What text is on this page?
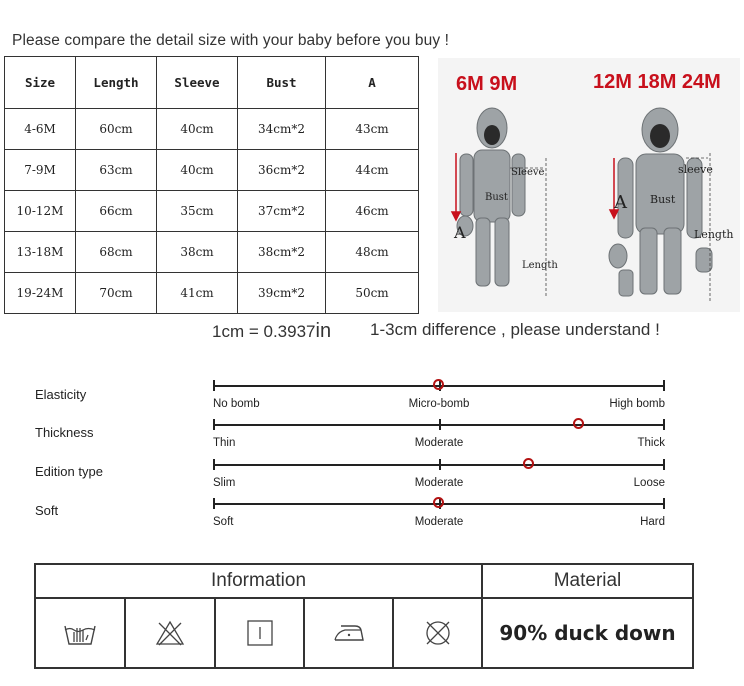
Please compare the detail size with your baby before you buy !
Size	Length	Sleeve	Bust	A
4-6M	60cm	40cm	34cm*2	43cm
7-9M	63cm	40cm	36cm*2	44cm
10-12M	66cm	35cm	37cm*2	46cm
13-18M	68cm	38cm	38cm*2	48cm
19-24M	70cm	41cm	39cm*2	50cm
6M 9M	12M 18M 24M
Sleeve
Bust
Length
A
sleeve
Bust
Length
A
1cm = 0.3937in 1-3cm difference , please understand !
Elasticity
No bomb	Micro-bomb	High bomb
Thickness
Thin	Moderate	Thick
Edition type
Slim	Moderate	Loose
Soft
Soft	Moderate	Hard
Information	Material
90% duck down
